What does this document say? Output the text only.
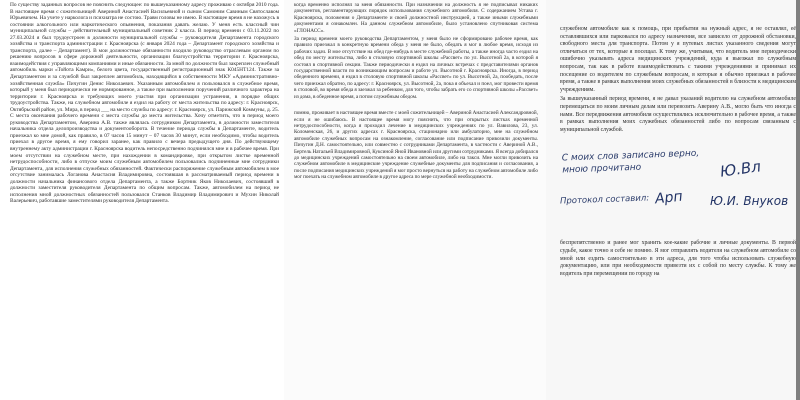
По существу заданных вопросов не пояснить следующее: по вышеуказанному адресу проживаю с октября 2010 года. В настоящее время с сожительницей Авериной Анастасией Васильевной и сыном Самоним Савиным Святославом Юрьевичем. На учете у нарколога и психиатра не состою. Травм головы не имею. В настоящее время я не нахожусь в состоянии алкогольного или наркотического опьянения, показания давать желаю. У меня есть классный чин муниципальной службы – действительный муниципальный советник 2 класса. В период времени с 03.11.2022 по 27.03.2024 я был трудоустроен в должности муниципальной службы – руководителя Департамента городского хозяйства и транспорта администрации г. Красноярска (с января 2024 года – Департамент городского хозяйства и транспорта, далее – Департамент). В мои должностные обязанности входило руководство отраслевым органом по решению вопросов в сфере дорожной деятельности, организации благоустройства территории г. Красноярска, взаимодействия с управляющими компаниями и иные обязанности. За мной по должности был закреплен служебный автомобиль марки «Тойота Камри», белого цвета, государственный регистрационный знак К045НТ124. Также за Департаментом и за службой был закреплен автомобиль, находящийся в собственности МКУ «Административно-хозяйственная служба» Пичугин Денис Николаевич. Указанным автомобилем я пользовался в служебное время, который у меня был периодически не нормированное, а также при выполнении поручений различного характера на территории г. Красноярска и требующих моего участия при организации устранения, в порядке общих трудоустройства. Также, на служебном автомобиле я ездил на работу от места жительства по адресу: г. Красноярск, Октябрьский район, ул. Мира, в период ___ на место службы по адресу: г. Красноярск, ул. Парижской Коммуны, д. 25. С места окончания рабочего времени с места службы до места жительства. Хочу отметить, что в период моего руководства Департаментом, Аверина А.В. также являлась сотрудником Департамента, в должности заместителя начальника отдела делопроизводства и документооборота. В течение периода службы в Департаменте, водитель приезжал ко мне домой, как правило, в 07 часов 15 минут – 07 часов 30 минут, если необходимо, чтобы водитель приехал в другое время, я ему говорил заранее, как правило с вечера предыдущего дня. По действующему внутреннему акту администрации г. Красноярска водитель непосредственно подчинялся мне и в рабочее время. При моем отсутствии на служебном месте, при нахождении в командировке, при открытом листке временной нетрудоспособности, либо в отпуске моим служебным автомобилем пользовались подчиненные мне сотрудники Департамента, для исполнения служебных обязанностей. Фактически распоряжение служебным автомобилем в мое отсутствие занималась Логанова Анастасия Владимировна, состоявшая в рассматриваемый период времени в должности начальника финансового отдела Департамента, а также Бортник Яков Николаевич, состоявший в должности заместителя руководителя Департамента по общим вопросам. Также, автомобилем на период не исполнения мной должностных обязанностей пользовался Станков Владимир Владимирович и Мухин Николай Валерьевич, работавшие заместителями руководителя Департамента.

когда временно исполнял за меня обязанности. При назначении на должность я не подписывал никаких документов, регламентирующих порядок использования служебного автомобиля. С содержанием Устава г. Красноярска, положения о Департаменте и своей должностной инструкцией, а также иными служебными документами я ознакомлен. На данном служебном автомобиле, было установлено спутниковая система «ГЛОНАСС».

За период времени моего руководства Департаментом, у меня было не сформировано рабочее время, как правило приезжал в конкретную времени обеда у меня не было, обедать я мог в любое время, исходя из рабочих задач. В мое отсутствие на обед где-нибудь в месте служебной работы, а также иногда часто ездил на обед по месту жительства, либо в столовую спортивной школы «Рассвет» по ул. Высотной 2а, в которой я состоял в спортивной секции. Также периодически я ездил на личных встречах с представителями органов государственной власти по возникающим вопросам и работе ул. Высотной г. Красноярска. Иногда, в период обеденного времени, я ездил в столовую спортивной школы «Рассвет» по ул. Высотной, 2а, пообедать, после чего приезжал обратно, по адресу: г. Красноярск, ул. Высотной, 2а, пока я объехал и поел, мог провести время в столовой, во время обеда я заезжал за ребенком, для того, чтобы забрать его со спортивной школы «Рассвет» из дома, в обеденное время, а потом служебным обедом.

помню, проживает в настоящее время вместе с моей сожительницей – Авериной Анастасией Александровной, если я не ошибаюсь. В настоящее время могу пояснить, что при открытых листках временной нетрудоспособности, когда я проходил лечение в медицинских учреждениях по ул. Вавилова, 23, ул. Коломенская, 26, и других адресах г. Красноярска, стационарно или амбулаторно, мне на служебном автомобиле служебных вопросам на ознакомление, согласование или подписание привозили документы. Пичугин Д.Н. самостоятельно, или совместно с сотрудниками Департамента, в частности с Авериной А.В., Бертель Натальей Владимировной, Куксиной Яной Ивановной или другими сотрудниками. Я всегда добирался до медицинских учреждений самостоятельно на своем автомобиле, либо на такси. Мне могли привозить на служебном автомобиле в медицинские учреждение служебные документы для подписания и согласования, а после подписания медицинских учреждений я мог просто вернуться на работу на служебном автомобиле либо мог поехать на служебном автомобиле в другое адреса по мере служебной необходимости.

служебном автомобиле как к помощь, при прибытии на нужный адрес, я не оставлял, её оставлявшихся или парковался по адресу назначения, все зависело от дорожной обстановки, свободного места для транспорта. Потом у я путевых листах указанного сведения могут отличаться от тех, которые я посещал. К тому же, учитывая, что водитель мне периодически ошибочно указывать адреса медицинских учреждений, куда я выезжал по служебным вопросам, так как в работе взаимодействовать с такими учреждениями и принимал их посещение со водителем по служебным вопросам, в которые я обычно приезжал в рабочее время, а также в рамках выполнения моих служебных обязанностей в близости к медицинским учреждениям.

За вышеуказанный период времени, я не давал указаний водителю на служебном автомобиле перемещаться по моим личным делам или перевозить Аверину А.В., могло быть что иногда с нами. Все передвижения автомобиля осуществлялись исключительно в рабочее время, а также в рамках выполнения моих служебных обязанностей либо по вопросам связанным с муниципальной службой.

С моих слов записано верно, мною прочитано	Ю.Вл
Протокол составил: Арп Ю.И. Внуков

беспрепятственно и ранее мог хранить кое-какие рабочие и личные документы. В первой судьбе, какое точно я себе не помню. Я мог отправлять водителя на служебном автомобиле со мной или ездить самостоятельно в эти адреса, для того чтобы использовать служебную документацию, или при необходимости привезти их с собой по месту службы. К тому же водитель при перемещении по городу на
